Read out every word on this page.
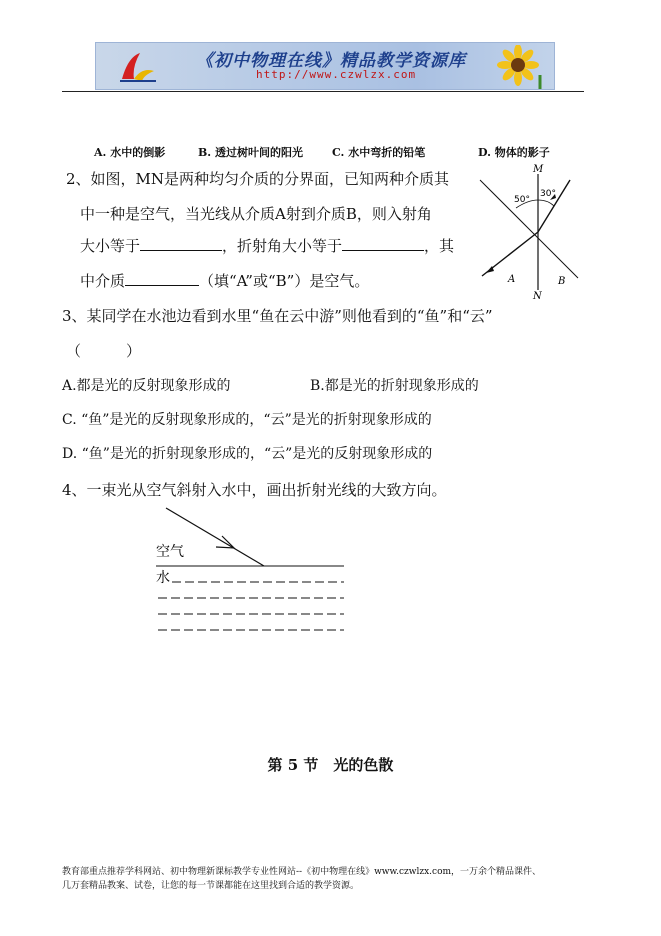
《初中物理在线》精品教学资源库
http://www.czwlzx.com
A. 水中的倒影	B. 透过树叶间的阳光	C. 水中弯折的铅笔	D. 物体的影子
2、如图，MN是两种均匀介质的分界面，已知两种介质其
中一种是空气，当光线从介质A射到介质B，则入射角
大小等于	，折射角大小等于	，其
中介质	（填“A”或“B”）是空气。
M
N
A	B
50°
30°
3、某同学在水池边看到水里“鱼在云中游”则他看到的“鱼”和“云”
（　　　）
A.都是光的反射现象形成的	B.都是光的折射现象形成的
C. “鱼”是光的反射现象形成的，“云”是光的折射现象形成的
D. “鱼”是光的折射现象形成的，“云”是光的反射现象形成的
4、一束光从空气斜射入水中，画出折射光线的大致方向。
空气
水
第 5 节　光的色散
教育部重点推荐学科网站、初中物理新课标教学专业性网站--《初中物理在线》www.czwlzx.com，一万余个精品课件、
几万套精品教案、试卷，让您的每一节课都能在这里找到合适的教学资源。
